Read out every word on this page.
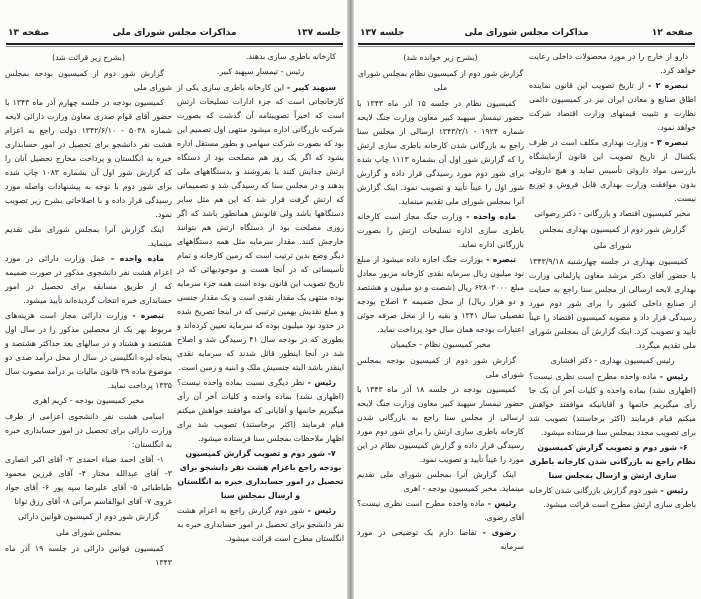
جلسه ۱۳۷
مذاکرات مجلس شورای ملی
صفحه ۱۳

کارخانه باطری سازی بدهند.

رئیس - تیمسار سپهبد کبیر.

سپهبد کبیر - این کارخانه باطری سازی یکی از کارخانجاتی است که جزء ادارات تسلیحات ارتش است که اخیراً تصویبنامه آن گذشت که بصورت شرکت بازرگانی اداره میشود منتهی اول تصمیم این بود که بصورت شرکت سهامی و بطور مستقل اداره بشود که اگر یک روز هم مصلحت بود از دستگاه ارتش جدایش کنند یا بفروشند و بدستگاههای ملی بدهند و در مجلس سنا که رسیدگی شد و تصمیماتی که ارتش گرفت قرار شد که این هم مثل سایر دستگاهها باشد ولی قانونش همانطور باشد که اگر روزی مصلحت بود از دستگاه ارتش هم بتوانند خارجش کنند. مقدار سرمایه مثل همه دستگاههای دیگر وضع بدین ترتیب است که زمین کارخانه و تمام تأسیساتی که در آنجا هست و موجودیهائی که در تاریخ تصویب این قانون بوده است همه جزء سرمایه بوده منتهی یک مقدار نقدی است و یک مقدار جنسی و مبلغ نقدیش بهمین ترتیبی که در اینجا تصریح شده در حدود نود میلیون بوده که سرمایه تعیین کرده‌اند و بطوری که در بودجه سال ۴۱ رسیدگی شد و اصلاح شد در آنجا اینطور قائل شدند که سرمایه نقدی اینقدر باشد البته جنسیش ملک و ابنیه و زمین است.

رئیس - نظر دیگری نسبت بماده واحده نیست؟ (اظهاری نشد) بماده واحده و کلیات آخر آن رأی میگیریم خانمها و آقایانی که موافقند خواهش میکنم قیام فرمایند (اکثر برخاستند) تصویب شد برای اظهار ملاحظات بمجلس سنا فرستاده میشود.

۷- شور دوم و تصویب گزارش کمیسیون بودجه راجع باعزام هشت نفر دانشجو برای تحصیل در امور حسابداری خبره به انگلستان و ارسال بمجلس سنا

رئیس - شور دوم گزارش راجع به اعزام هشت نفر دانشجو برای تحصیل در امور حسابداری خبره به انگلستان مطرح است قرائت میشود.

(بشرح زیر قرائت شد)

گزارش شور دوم از کمیسیون بودجه بمجلس شورای ملی

کمیسیون بودجه در جلسه چهارم آذر ماه ۱۳۴۳ با حضور آقای قوام صدری معاون وزارت دارائی لایحه شماره ۵۰۳۸ - ۱۳۴۲/۶/۱۰ دولت راجع به اعزام هشت نفر دانشجو برای تحصیل در امور حسابداری خبره به انگلستان و پرداخت مخارج تحصیل آنان را که گزارش شور اول آن بشماره ۱۰۸۳ چاپ شده برای شور دوم با توجه به پیشنهادات واصله مورد رسیدگی قرار داده و با اصلاحاتی بشرح زیر تصویب نمود.

اینک گزارش آنرا بمجلس شورای ملی تقدیم مینماید.

ماده واحده - عمل وزارت دارائی در مورد اعزام هشت نفر دانشجوی مذکور در صورت ضمیمه که از طریق مسابقه برای تحصیل در امور حسابداری خبره انتخاب گردیده‌اند تأیید میشود.

تبصره - وزارت دارائی مجاز است هزینه‌های مربوط بهر یک از محصلین مذکور را در سال اول هشتصد و هشتاد و در سالهای بعد حداکثر هشتصد و پنجاه لیره انگلیسی در سال از محل درآمد صدی دو موضوع ماده ۳۹ قانون مالیات بر درآمد مصوب سال ۱۳۳۵ پرداخت نماید.

مخبر کمیسیون بودجه - کریم اهری

اسامی هشت نفر دانشجوی اعزامی از طرف وزارت دارائی برای تحصیل در امور حسابداری خبره به انگلستان:

۱- آقای احمد ضیاء احمدی ۲- آقای اکبر انصاری ۳- آقای عبدالله مختار ۴- آقای فرزین محمود طباطبائی ۵- آقای علیرضا سپه پور ۶- آقای جواد غروی ۷- آقای ابوالقاسم مرآتی ۸- آقای رزق توانا

گزارش شور دوم از کمیسیون قوانین دارائی

بمجلس شورای ملی

کمیسیون قوانین دارائی در جلسه ۱۹ آذر ماه ۱۳۴۳

صفحه ۱۲
مذاکرات مجلس شورای ملی
جلسه ۱۳۷

دارو از خارج را در مورد محصولات داخلی رعایت خواهد کرد.

تبصره ۲ - از تاریخ تصویب این قانون نماینده اطاق صنایع و معادن ایران نیز در کمیسیون دائمی نظارت و تثبیت قیمتهای وزارت اقتصاد شرکت خواهد نمود.

تبصره ۳ - وزارت بهداری مکلف است در ظرف یکسال از تاریخ تصویب این قانون آزمایشگاه بازرسی مواد داروئی تأسیس نماید و هیچ داروئی بدون موافقت وزارت بهداری قابل فروش و توزیع نیست.

مخبر کمیسیون اقتصاد و بازرگانی - دکتر رضوانی

گزارش شور دوم از کمیسیون بهداری بمجلس

شورای ملی

کمیسیون بهداری در جلسه چهارشنبه ۱۳۴۳/۹/۱۸ با حضور آقای دکتر مرشد معاون پارلمانی وزارت بهداری لایحه ارسالی از مجلس سنا راجع به حمایت از صنایع داخلی کشور را برای شور دوم مورد رسیدگی قرار داد و مصوبه کمیسیون اقتصاد را عیناً تأیید و تصویب کرد. اینک گزارش آن بمجلس شورای ملی تقدیم میگردد.

رئیس کمیسیون بهداری - دکتر افشاری

رئیس - ماده واحده مطرح است نظری نیست؟ (اظهاری نشد) بماده واحده و کلیات آخر آن یک جا رأی میگیریم خانمها و آقایانیکه موافقند خواهش میکنم قیام فرمایند (اکثر برخاستند) تصویب شد برای تصویب مجدد بمجلس سنا فرستاده میشود.

۶- شور دوم و تصویب گزارش کمیسیون نظام راجع به بازرگانی شدن کارخانه باطری سازی ارتش و ارسال بمجلس سنا

رئیس - شور دوم گزارش بازرگانی شدن کارخانه باطری سازی ارتش مطرح است قرائت میشود.

(بشرح زیر خوانده شد)

گزارش شور دوم از کمیسیون نظام بمجلس شورای ملی

کمیسیون نظام در جلسه ۱۵ آذر ماه ۱۳۴۳ با حضور تیمسار سپهبد کبیر معاون وزارت جنگ لایحه شماره ۱۹۲۴ - ۱۳۴۳/۲/۱ ارسالی از مجلس سنا راجع به بازرگانی شدن کارخانه باطری سازی ارتش را که گزارش شور اول آن بشماره ۱۱۱۳ چاپ شده برای شور دوم مورد رسیدگی قرار داده و گزارش شور اول را عیناً تأیید و تصویب نمود. اینک گزارش آنرا بمجلس شورای ملی تقدیم مینماید.

ماده واحده - وزارت جنگ مجاز است کارخانه باطری سازی اداره تسلیحات ارتش را بصورت بازرگانی اداره نماید.

تبصره - بوزارت جنگ اجازه داده میشود از مبلغ نود میلیون ریال سرمایه نقدی کارخانه مزبور معادل مبلغ ۶۲۸۰۲۰۰۰ ریال (شصت و دو میلیون و هشتصد و دو هزار ریال) از محل ضمیمه ۳ اصلاح بودجه تفصیلی سال ۱۳۴۱ و بقیه را از محل صرفه جوئی اعتبارات بودجه همان سال خود پرداخت نماید.

مخبر کمیسیون نظام - حکیمیان

گزارش شور دوم از کمیسیون بودجه بمجلس شورای ملی

کمیسیون بودجه در جلسه ۱۸ آذر ماه ۱۳۴۳ با حضور تیمسار سپهبد کبیر معاون وزارت جنگ لایحه ارسالی از مجلس سنا راجع به بازرگانی شدن کارخانه باطری سازی ارتش را برای شور دوم مورد رسیدگی قرار داده و گزارش کمیسیون نظام در این مورد را عیناً تأیید و تصویب نمود.

اینک گزارش آنرا بمجلس شورای ملی تقدیم مینماید. مخبر کمیسیون بودجه - اهری

رئیس - ماده واحده مطرح است نظری نیست؟ آقای رضوی.

رضوی - تقاضا دارم یک توضیحی در مورد سرمایه
